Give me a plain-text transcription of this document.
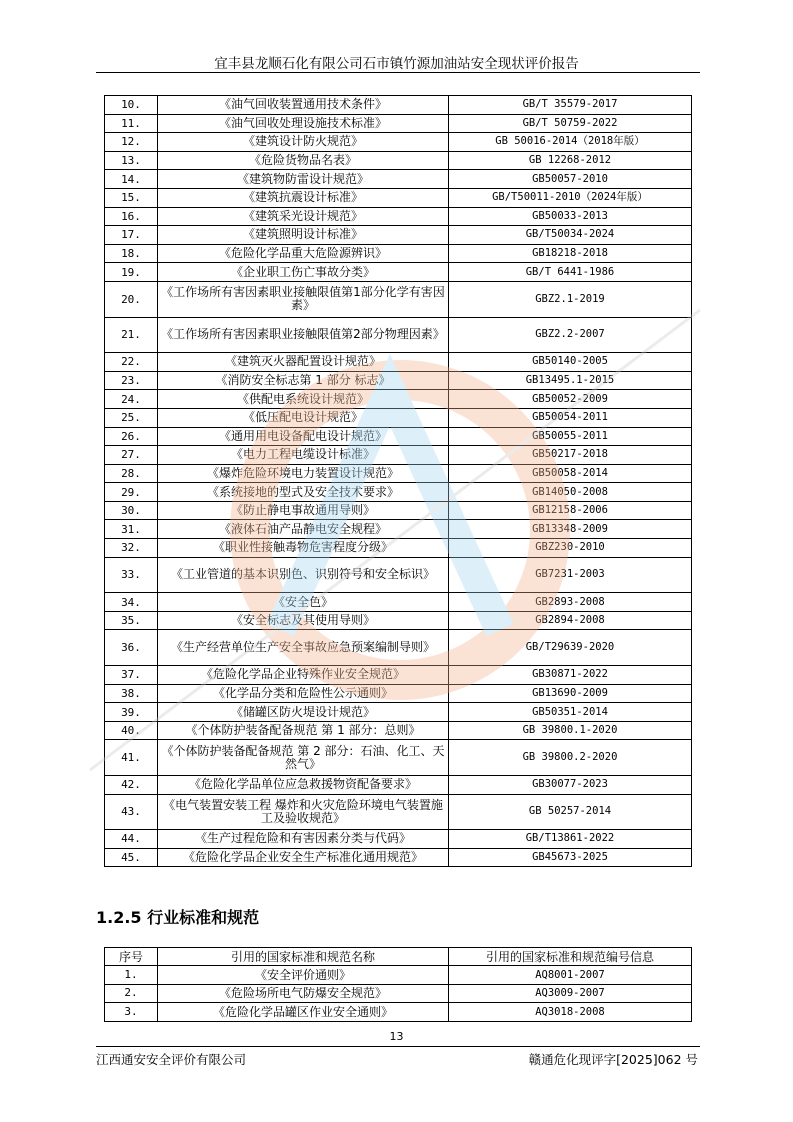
宜丰县龙顺石化有限公司石市镇竹源加油站安全现状评价报告
10.	《油气回收装置通用技术条件》	GB/T 35579-2017
11.	《油气回收处理设施技术标准》	GB/T 50759-2022
12.	《建筑设计防火规范》	GB 50016-2014（2018年版）
13.	《危险货物品名表》	GB 12268-2012
14.	《建筑物防雷设计规范》	GB50057-2010
15.	《建筑抗震设计标准》	GB/T50011-2010（2024年版）
16.	《建筑采光设计规范》	GB50033-2013
17.	《建筑照明设计标准》	GB/T50034-2024
18.	《危险化学品重大危险源辨识》	GB18218-2018
19.	《企业职工伤亡事故分类》	GB/T 6441-1986
20.	《工作场所有害因素职业接触限值第1部分化学有害因素》	GBZ2.1-2019
21.	《工作场所有害因素职业接触限值第2部分物理因素》	GBZ2.2-2007
22.	《建筑灭火器配置设计规范》	GB50140-2005
23.	《消防安全标志第 1 部分 标志》	GB13495.1-2015
24.	《供配电系统设计规范》	GB50052-2009
25.	《低压配电设计规范》	GB50054-2011
26.	《通用用电设备配电设计规范》	GB50055-2011
27.	《电力工程电缆设计标准》	GB50217-2018
28.	《爆炸危险环境电力装置设计规范》	GB50058-2014
29.	《系统接地的型式及安全技术要求》	GB14050-2008
30.	《防止静电事故通用导则》	GB12158-2006
31.	《液体石油产品静电安全规程》	GB13348-2009
32.	《职业性接触毒物危害程度分级》	GBZ230-2010
33.	《工业管道的基本识别色、识别符号和安全标识》	GB7231-2003
34.	《安全色》	GB2893-2008
35.	《安全标志及其使用导则》	GB2894-2008
36.	《生产经营单位生产安全事故应急预案编制导则》	GB/T29639-2020
37.	《危险化学品企业特殊作业安全规范》	GB30871-2022
38.	《化学品分类和危险性公示通则》	GB13690-2009
39.	《储罐区防火堤设计规范》	GB50351-2014
40.	《个体防护装备配备规范 第 1 部分：总则》	GB 39800.1-2020
41.	《个体防护装备配备规范 第 2 部分：石油、化工、天然气》	GB 39800.2-2020
42.	《危险化学品单位应急救援物资配备要求》	GB30077-2023
43.	《电气装置安装工程 爆炸和火灾危险环境电气装置施工及验收规范》	GB 50257-2014
44.	《生产过程危险和有害因素分类与代码》	GB/T13861-2022
45.	《危险化学品企业安全生产标准化通用规范》	GB45673-2025
1.2.5 行业标准和规范
序号	引用的国家标准和规范名称	引用的国家标准和规范编号信息
1.	《安全评价通则》	AQ8001-2007
2.	《危险场所电气防爆安全规范》	AQ3009-2007
3.	《危险化学品罐区作业安全通则》	AQ3018-2008
13
江西通安安全评价有限公司	赣通危化现评字[2025]062 号
